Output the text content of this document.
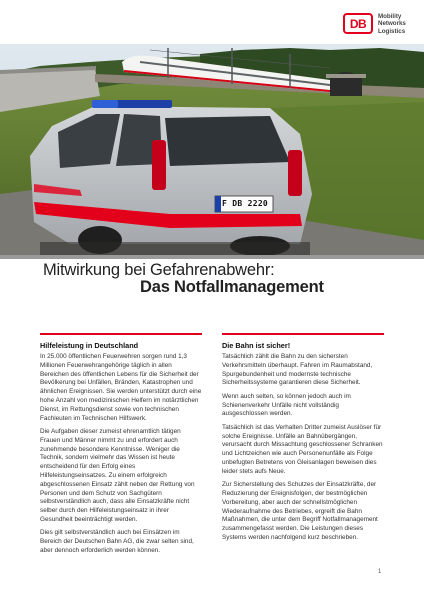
DB Mobility
Networks
Logistics
F DB 2220
Mitwirkung bei Gefahrenabwehr:
Das Notfallmanagement
Hilfeleistung in Deutschland

In 25.000 öffentlichen Feuerwehren sorgen rund 1,3 Millionen Feuerwehrangehörige täglich in allen Bereichen des öffentlichen Lebens für die Sicherheit der Bevölkerung bei Unfällen, Bränden, Katastrophen und ähnlichen Ereignissen. Sie werden unterstützt durch eine hohe Anzahl von medizinischen Helfern im notärztlichen Dienst, im Rettungsdienst sowie von technischen Fachleuten im Technischen Hilfswerk.

Die Aufgaben dieser zumeist ehrenamtlich tätigen Frauen und Männer nimmt zu und erfordert auch zunehmende besondere Kenntnisse. Weniger die Technik, sondern vielmehr das Wissen ist heute entscheidend für den Erfolg eines Hilfeleistungseinsatzes. Zu einem erfolgreich abgeschlossenen Einsatz zählt neben der Rettung von Personen und dem Schutz von Sachgütern selbstverständlich auch, dass alle Einsatzkräfte nicht selber durch den Hilfeleistungseinsatz in ihrer Gesundheit beeinträchtigt werden.

Dies gilt selbstverständlich auch bei Einsätzen im Bereich der Deutschen Bahn AG, die zwar selten sind, aber dennoch erforderlich werden können.

Die Bahn ist sicher!

Tatsächlich zählt die Bahn zu den sichersten Verkehrsmitteln überhaupt. Fahren im Raumabstand, Spurgebundenheit und modernste technische Sicherheitssysteme garantieren diese Sicherheit.

Wenn auch selten, so können jedoch auch im Schienenverkehr Unfälle nicht vollständig ausgeschlossen werden.

Tatsächlich ist das Verhalten Dritter zumeist Auslöser für solche Ereignisse. Unfälle an Bahnübergängen, verursacht durch Missachtung geschlossener Schranken und Lichtzeichen wie auch Personenunfälle als Folge unbefugten Betretens von Gleisanlagen beweisen dies leider stets aufs Neue.

Zur Sicherstellung des Schutzes der Einsatzkräfte, der Reduzierung der Ereignisfolgen, der bestmöglichen Vorbereitung, aber auch der schnellstmöglichen Wiederaufnahme des Betriebes, ergreift die Bahn Maßnahmen, die unter dem Begriff Notfallmanagement zusammengefasst werden. Die Leistungen dieses Systems werden nachfolgend kurz beschrieben.

1
